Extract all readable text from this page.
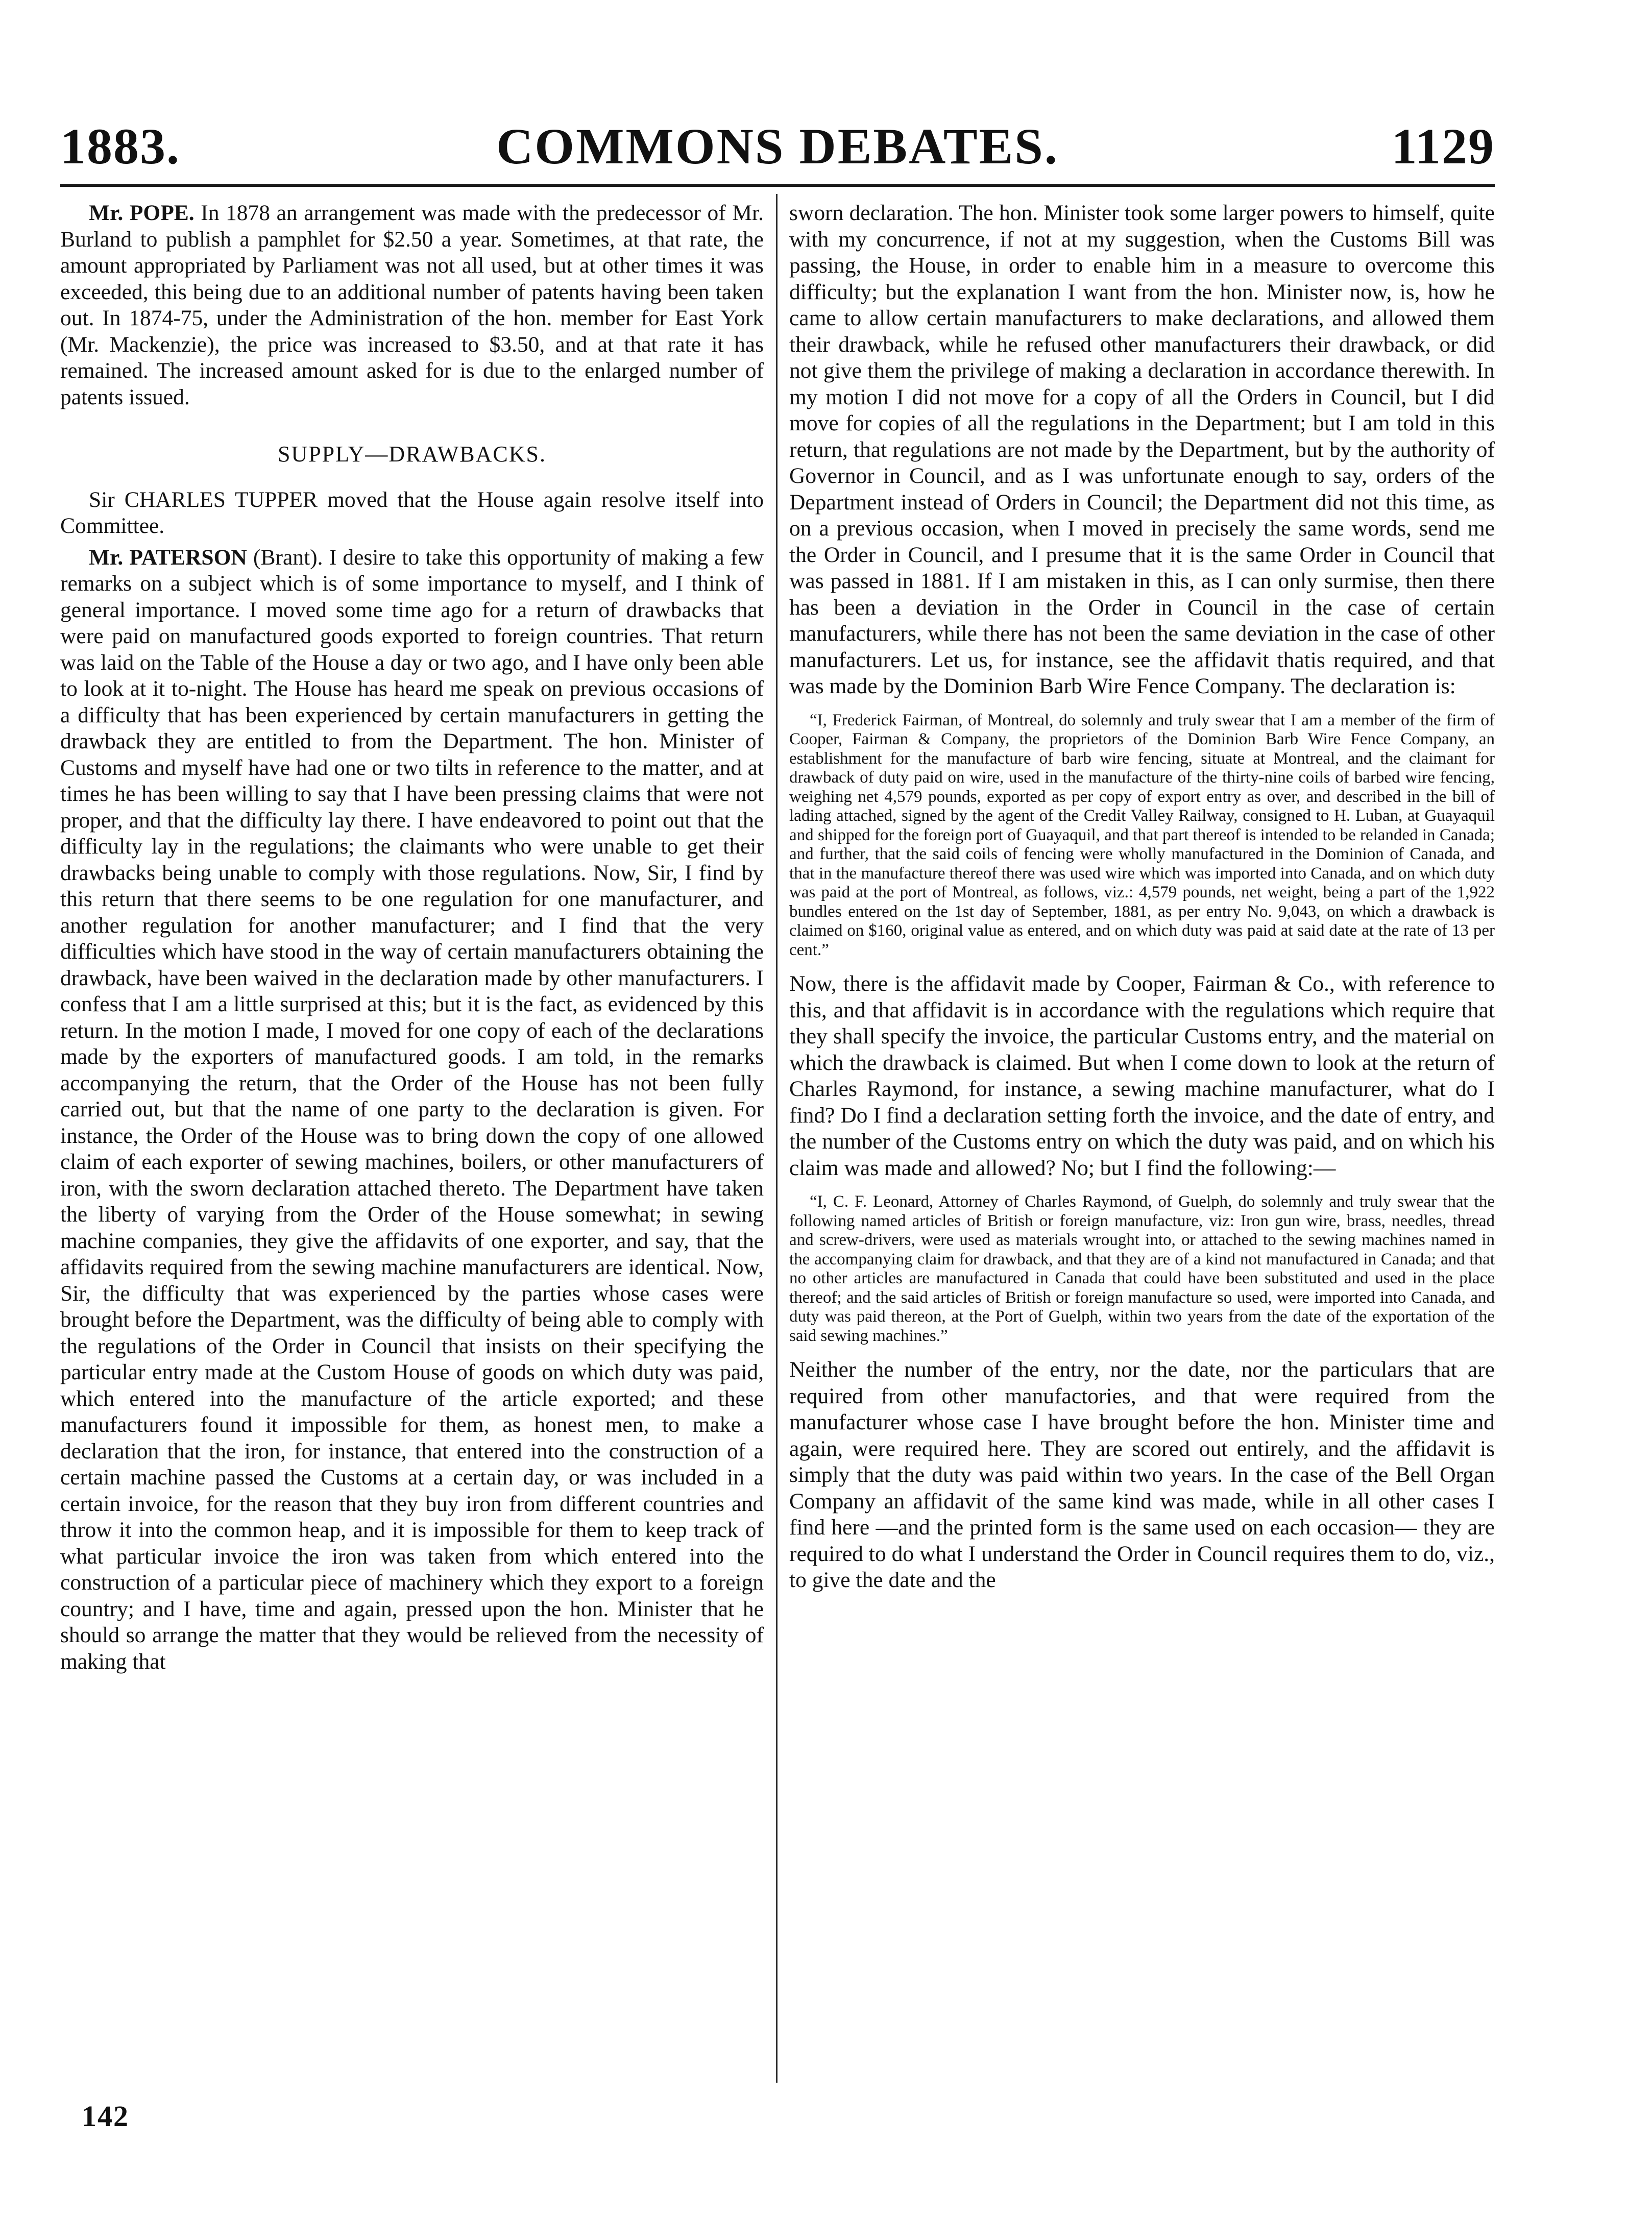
1883.	COMMONS DEBATES.	1129

Mr. POPE. In 1878 an arrangement was made with the predecessor of Mr. Burland to publish a pamphlet for $2.50 a year. Sometimes, at that rate, the amount appropriated by Parliament was not all used, but at other times it was exceeded, this being due to an additional number of patents having been taken out. In 1874-75, under the Administration of the hon. member for East York (Mr. Mackenzie), the price was increased to $3.50, and at that rate it has remained. The increased amount asked for is due to the enlarged number of patents issued.

SUPPLY—DRAWBACKS.

Sir CHARLES TUPPER moved that the House again resolve itself into Committee.

Mr. PATERSON (Brant). I desire to take this opportunity of making a few remarks on a subject which is of some importance to myself, and I think of general importance. I moved some time ago for a return of drawbacks that were paid on manufactured goods exported to foreign countries. That return was laid on the Table of the House a day or two ago, and I have only been able to look at it to-night. The House has heard me speak on previous occasions of a difficulty that has been experienced by certain manufacturers in getting the drawback they are entitled to from the Department. The hon. Minister of Customs and myself have had one or two tilts in reference to the matter, and at times he has been willing to say that I have been pressing claims that were not proper, and that the difficulty lay there. I have endeavored to point out that the difficulty lay in the regulations; the claimants who were unable to get their drawbacks being unable to comply with those regulations. Now, Sir, I find by this return that there seems to be one regulation for one manufacturer, and another regulation for another manufacturer; and I find that the very difficulties which have stood in the way of certain manufacturers obtaining the drawback, have been waived in the declaration made by other manufacturers. I confess that I am a little surprised at this; but it is the fact, as evidenced by this return. In the motion I made, I moved for one copy of each of the declarations made by the exporters of manufactured goods. I am told, in the remarks accompanying the return, that the Order of the House has not been fully carried out, but that the name of one party to the declaration is given. For instance, the Order of the House was to bring down the copy of one allowed claim of each exporter of sewing machines, boilers, or other manufacturers of iron, with the sworn declaration attached thereto. The Department have taken the liberty of varying from the Order of the House somewhat; in sewing machine companies, they give the affidavits of one exporter, and say, that the affidavits required from the sewing machine manufacturers are identical. Now, Sir, the difficulty that was experienced by the parties whose cases were brought before the Department, was the difficulty of being able to comply with the regulations of the Order in Council that insists on their specifying the particular entry made at the Custom House of goods on which duty was paid, which entered into the manufacture of the article exported; and these manufacturers found it impossible for them, as honest men, to make a declaration that the iron, for instance, that entered into the construction of a certain machine passed the Customs at a certain day, or was included in a certain invoice, for the reason that they buy iron from different countries and throw it into the common heap, and it is impossible for them to keep track of what particular invoice the iron was taken from which entered into the construction of a particular piece of machinery which they export to a foreign country; and I have, time and again, pressed upon the hon. Minister that he should so arrange the matter that they would be relieved from the necessity of making that

sworn declaration. The hon. Minister took some larger powers to himself, quite with my concurrence, if not at my suggestion, when the Customs Bill was passing, the House, in order to enable him in a measure to overcome this difficulty; but the explanation I want from the hon. Minister now, is, how he came to allow certain manufacturers to make declarations, and allowed them their drawback, while he refused other manufacturers their drawback, or did not give them the privilege of making a declaration in accordance therewith. In my motion I did not move for a copy of all the Orders in Council, but I did move for copies of all the regulations in the Department; but I am told in this return, that regulations are not made by the Department, but by the authority of Governor in Council, and as I was unfortunate enough to say, orders of the Department instead of Orders in Council; the Department did not this time, as on a previous occasion, when I moved in precisely the same words, send me the Order in Council, and I presume that it is the same Order in Council that was passed in 1881. If I am mistaken in this, as I can only surmise, then there has been a deviation in the Order in Council in the case of certain manufacturers, while there has not been the same deviation in the case of other manufacturers. Let us, for instance, see the affidavit thatis required, and that was made by the Dominion Barb Wire Fence Company. The declaration is:

“I, Frederick Fairman, of Montreal, do solemnly and truly swear that I am a member of the firm of Cooper, Fairman & Company, the proprietors of the Dominion Barb Wire Fence Company, an establishment for the manufacture of barb wire fencing, situate at Montreal, and the claimant for drawback of duty paid on wire, used in the manufacture of the thirty-nine coils of barbed wire fencing, weighing net 4,579 pounds, exported as per copy of export entry as over, and described in the bill of lading attached, signed by the agent of the Credit Valley Railway, consigned to H. Luban, at Guayaquil and shipped for the foreign port of Guayaquil, and that part thereof is intended to be relanded in Canada; and further, that the said coils of fencing were wholly manufactured in the Dominion of Canada, and that in the manufacture thereof there was used wire which was imported into Canada, and on which duty was paid at the port of Montreal, as follows, viz.: 4,579 pounds, net weight, being a part of the 1,922 bundles entered on the 1st day of September, 1881, as per entry No. 9,043, on which a drawback is claimed on $160, original value as entered, and on which duty was paid at said date at the rate of 13 per cent.”

Now, there is the affidavit made by Cooper, Fairman & Co., with reference to this, and that affidavit is in accordance with the regulations which require that they shall specify the invoice, the particular Customs entry, and the material on which the drawback is claimed. But when I come down to look at the return of Charles Raymond, for instance, a sewing machine manufacturer, what do I find? Do I find a declaration setting forth the invoice, and the date of entry, and the number of the Customs entry on which the duty was paid, and on which his claim was made and allowed? No; but I find the following:—

“I, C. F. Leonard, Attorney of Charles Raymond, of Guelph, do solemnly and truly swear that the following named articles of British or foreign manufacture, viz: Iron gun wire, brass, needles, thread and screw-drivers, were used as materials wrought into, or attached to the sewing machines named in the accompanying claim for drawback, and that they are of a kind not manufactured in Canada; and that no other articles are manufactured in Canada that could have been substituted and used in the place thereof; and the said articles of British or foreign manufacture so used, were imported into Canada, and duty was paid thereon, at the Port of Guelph, within two years from the date of the exportation of the said sewing machines.”

Neither the number of the entry, nor the date, nor the particulars that are required from other manufactories, and that were required from the manufacturer whose case I have brought before the hon. Minister time and again, were required here. They are scored out entirely, and the affidavit is simply that the duty was paid within two years. In the case of the Bell Organ Company an affidavit of the same kind was made, while in all other cases I find here —and the printed form is the same used on each occasion— they are required to do what I understand the Order in Council requires them to do, viz., to give the date and the

142
